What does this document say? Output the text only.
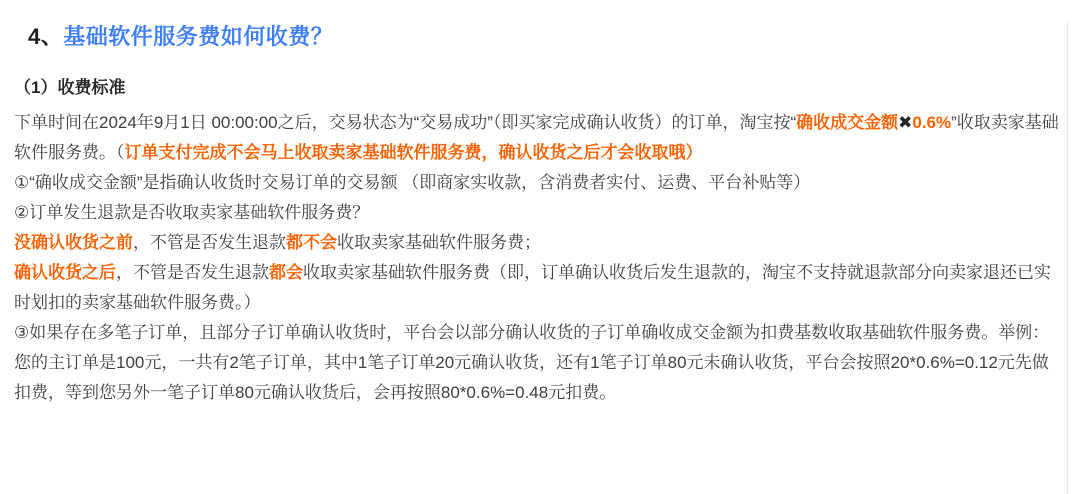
4、基础软件服务费如何收费？
（1）收费标准

下单时间在2024年9月1日 00:00:00之后，交易状态为“交易成功”（即买家完成确认收货）的订单，淘宝按“确收成交金额✖0.6%”收取卖家基础软件服务费。（订单支付完成不会马上收取卖家基础软件服务费，确认收货之后才会收取哦）

①“确收成交金额”是指确认收货时交易订单的交易额 （即商家实收款，含消费者实付、运费、平台补贴等）

②订单发生退款是否收取卖家基础软件服务费？

没确认收货之前，不管是否发生退款都不会收取卖家基础软件服务费；

确认收货之后，不管是否发生退款都会收取卖家基础软件服务费（即，订单确认收货后发生退款的，淘宝不支持就退款部分向卖家退还已实时划扣的卖家基础软件服务费。）

③如果存在多笔子订单，且部分子订单确认收货时，平台会以部分确认收货的子订单确收成交金额为扣费基数收取基础软件服务费。举例：您的主订单是100元，一共有2笔子订单，其中1笔子订单20元确认收货，还有1笔子订单80元未确认收货，平台会按照20*0.6%=0.12元先做扣费，等到您另外一笔子订单80元确认收货后，会再按照80*0.6%=0.48元扣费。
